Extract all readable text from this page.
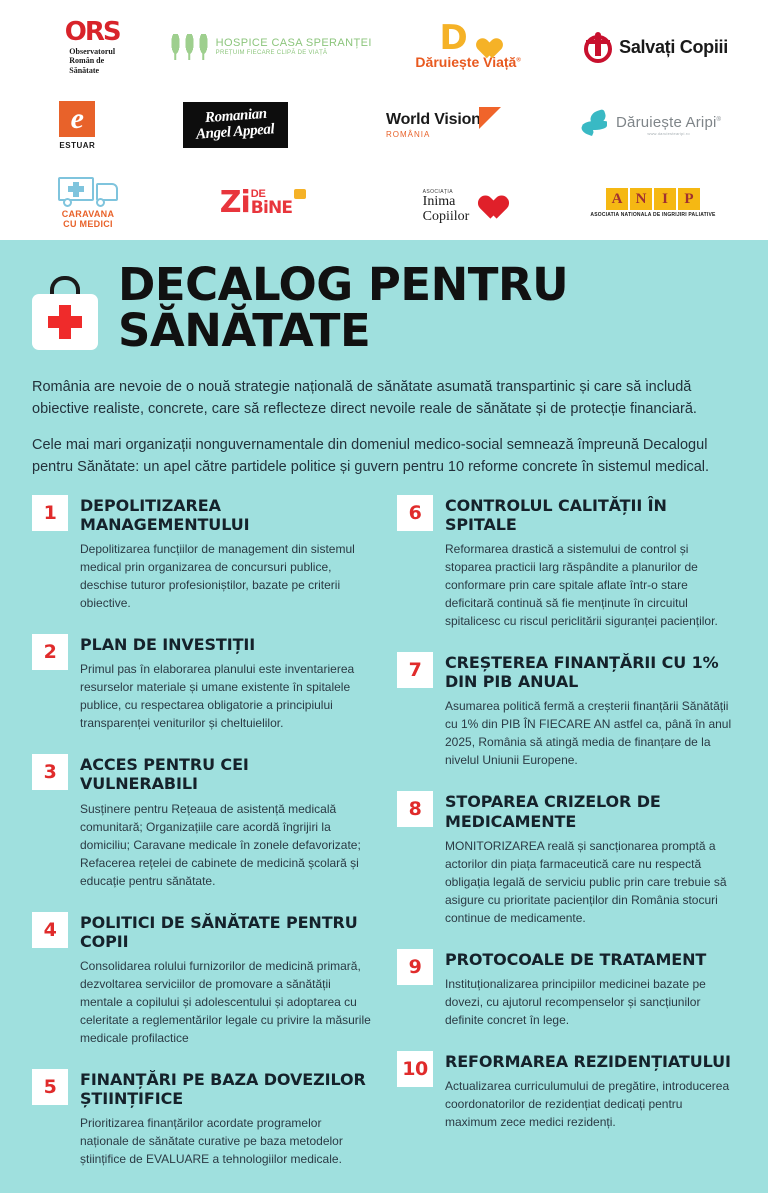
ORS
Observatorul
Român de
Sănătate
HOSPICE CASA SPERANȚEI
PREȚUIM FIECARE CLIPĂ DE VIAȚĂ	D
Dăruiește Viață®
Salvați Copiii
e
ESTUAR
Romanian
Angel Appeal
World Vision
ROMÂNIA
Dăruiește Aripi®
www.daruiestearipi.ro
CARAVANA
CU MEDICI
Zi DE
BiNE
ASOCIAȚIA
Inima
Copiilor
A N	I	P
ASOCIATIA NATIONALA DE INGRIJIRI PALIATIVE
DECALOG PENTRU
SĂNĂTATE

România are nevoie de o nouă strategie națională de sănătate asumată transpartinic și care să includă obiective realiste, concrete, care să reflecteze direct nevoile reale de sănătate și de protecție financiară.

Cele mai mari organizații nonguvernamentale din domeniul medico-social semnează împreună Decalogul pentru Sănătate: un apel către partidele politice și guvern pentru 10 reforme concrete în sistemul medical.

1	DEPOLITIZAREA MANAGEMENTULUI
Depolitizarea funcțiilor de management din sistemul medical prin organizarea de concursuri publice, deschise tuturor profesioniștilor, bazate pe criterii obiective.
2	PLAN DE INVESTIȚII
Primul pas în elaborarea planului este inventarierea resurselor materiale și umane existente în spitalele publice, cu respectarea obligatorie a principiului transparenței veniturilor și cheltuielilor.
3	ACCES PENTRU CEI VULNERABILI
Susținere pentru Rețeaua de asistență medicală comunitară; Organizațiile care acordă îngrijiri la domiciliu; Caravane medicale în zonele defavorizate; Refacerea rețelei de cabinete de medicină școlară și educație pentru sănătate.
4	POLITICI DE SĂNĂTATE PENTRU COPII
Consolidarea rolului furnizorilor de medicină primară, dezvoltarea serviciilor de promovare a sănătății mentale a copilului și adolescentului și adoptarea cu celeritate a reglementărilor legale cu privire la măsurile medicale profilactice
5	FINANȚĂRI PE BAZA DOVEZILOR ȘTIINȚIFICE
Prioritizarea finanțărilor acordate programelor naționale de sănătate curative pe baza metodelor științifice de EVALUARE a tehnologiilor medicale.
6	CONTROLUL CALITĂȚII ÎN SPITALE
Reformarea drastică a sistemului de control și stoparea practicii larg răspândite a planurilor de conformare prin care spitale aflate într-o stare deficitară continuă să fie menținute în circuitul spitalicesc cu riscul periclitării siguranței pacienților.
7	CREȘTEREA FINANȚĂRII CU 1% DIN PIB ANUAL
Asumarea politică fermă a creșterii finanțării Sănătății cu 1% din PIB ÎN FIECARE AN astfel ca, până în anul 2025, România să atingă media de finanțare de la nivelul Uniunii Europene.
8	STOPAREA CRIZELOR DE MEDICAMENTE
MONITORIZAREA reală și sancționarea promptă a actorilor din piața farmaceutică care nu respectă obligația legală de serviciu public prin care trebuie să asigure cu prioritate pacienților din România stocuri continue de medicamente.
9	PROTOCOALE DE TRATAMENT
Instituționalizarea principiilor medicinei bazate pe dovezi, cu ajutorul recompenselor și sancțiunilor definite concret în lege.
10	REFORMAREA REZIDENȚIATULUI
Actualizarea curriculumului de pregătire, introducerea coordonatorilor de rezidențiat dedicați pentru maximum zece medici rezidenți.
